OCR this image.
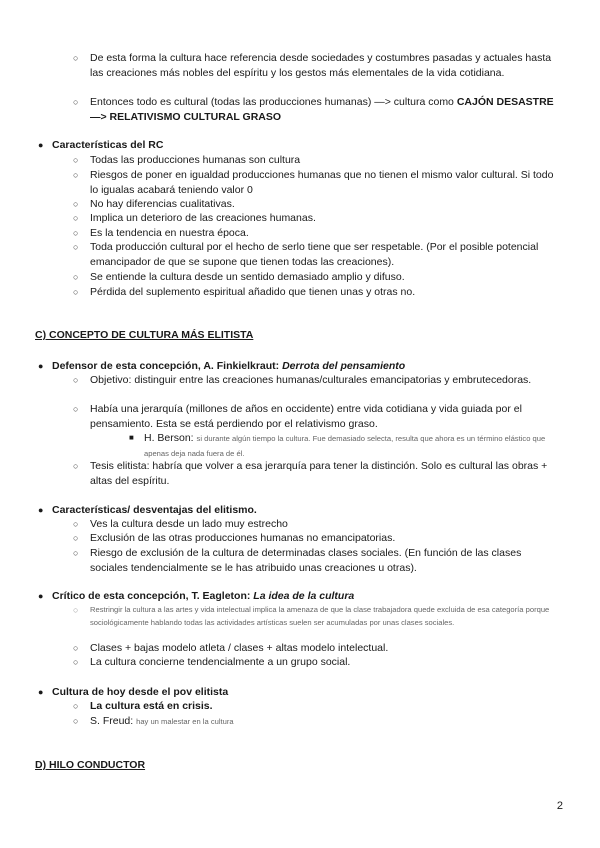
○ De esta forma la cultura hace referencia desde sociedades y costumbres pasadas y actuales hasta las creaciones más nobles del espíritu y los gestos más elementales de la vida cotidiana.
○ Entonces todo es cultural (todas las producciones humanas) —> cultura como CAJÓN DESASTRE —> RELATIVISMO CULTURAL GRASO
● Características del RC
○ Todas las producciones humanas son cultura
○ Riesgos de poner en igualdad producciones humanas que no tienen el mismo valor cultural. Si todo lo igualas acabará teniendo valor 0
○ No hay diferencias cualitativas.
○ Implica un deterioro de las creaciones humanas.
○ Es la tendencia en nuestra época.
○ Toda producción cultural por el hecho de serlo tiene que ser respetable. (Por el posible potencial emancipador de que se supone que tienen todas las creaciones).
○ Se entiende la cultura desde un sentido demasiado amplio y difuso.
○ Pérdida del suplemento espiritual añadido que tienen unas y otras no.
C) CONCEPTO DE CULTURA MÁS ELITISTA
● Defensor de esta concepción, A. Finkielkraut: Derrota del pensamiento
○ Objetivo: distinguir entre las creaciones humanas/culturales emancipatorias y embrutecedoras.
○ Había una jerarquía (millones de años en occidente) entre vida cotidiana y vida guiada por el pensamiento. Esta se está perdiendo por el relativismo graso.
■ H. Berson: si durante algún tiempo la cultura. Fue demasiado selecta, resulta que ahora es un término elástico que apenas deja nada fuera de él.
○ Tesis elitista: habría que volver a esa jerarquía para tener la distinción. Solo es cultural las obras + altas del espíritu.
● Características/ desventajas del elitismo.
○ Ves la cultura desde un lado muy estrecho
○ Exclusión de las otras producciones humanas no emancipatorias.
○ Riesgo de exclusión de la cultura de determinadas clases sociales. (En función de las clases sociales tendencialmente se le has atribuido unas creaciones u otras).
● Crítico de esta concepción, T. Eagleton: La idea de la cultura
○ Restringir la cultura a las artes y vida intelectual implica la amenaza de que la clase trabajadora quede excluida de esa categoría porque sociológicamente hablando todas las actividades artísticas suelen ser acumuladas por unas clases sociales.
○ Clases + bajas modelo atleta / clases + altas modelo intelectual.
○ La cultura concierne tendencialmente a un grupo social.
● Cultura de hoy desde el pov elitista
○ La cultura está en crisis.
○ S. Freud: hay un malestar en la cultura
D) HILO CONDUCTOR
2
